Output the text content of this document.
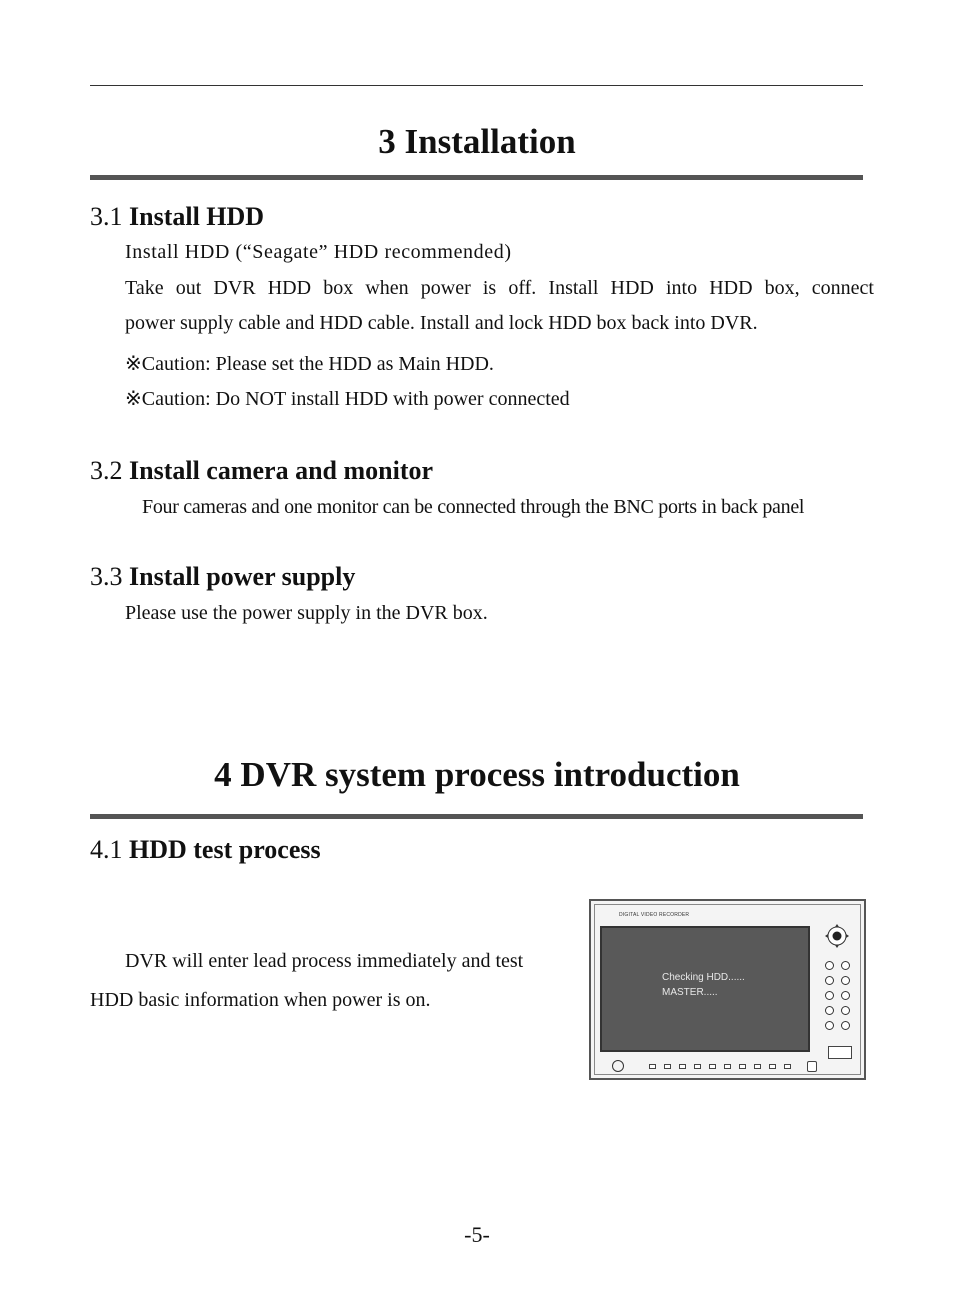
3 Installation
3.1 Install HDD
Install HDD (“Seagate” HDD recommended)
Take out DVR HDD box when power is off. Install HDD into HDD box, connect
power supply cable and HDD cable. Install and lock HDD box back into DVR.
※Caution: Please set the HDD as Main HDD.
※Caution: Do NOT install HDD with power connected
3.2 Install camera and monitor
Four cameras and one monitor can be connected through the BNC ports in back panel
3.3 Install power supply
Please use the power supply in the DVR box.
4 DVR system process introduction
4.1 HDD test process
DVR will enter lead process immediately and test
HDD basic information when power is on.
DIGITAL VIDEO RECORDER
Checking HDD......
MASTER.....
-5-
